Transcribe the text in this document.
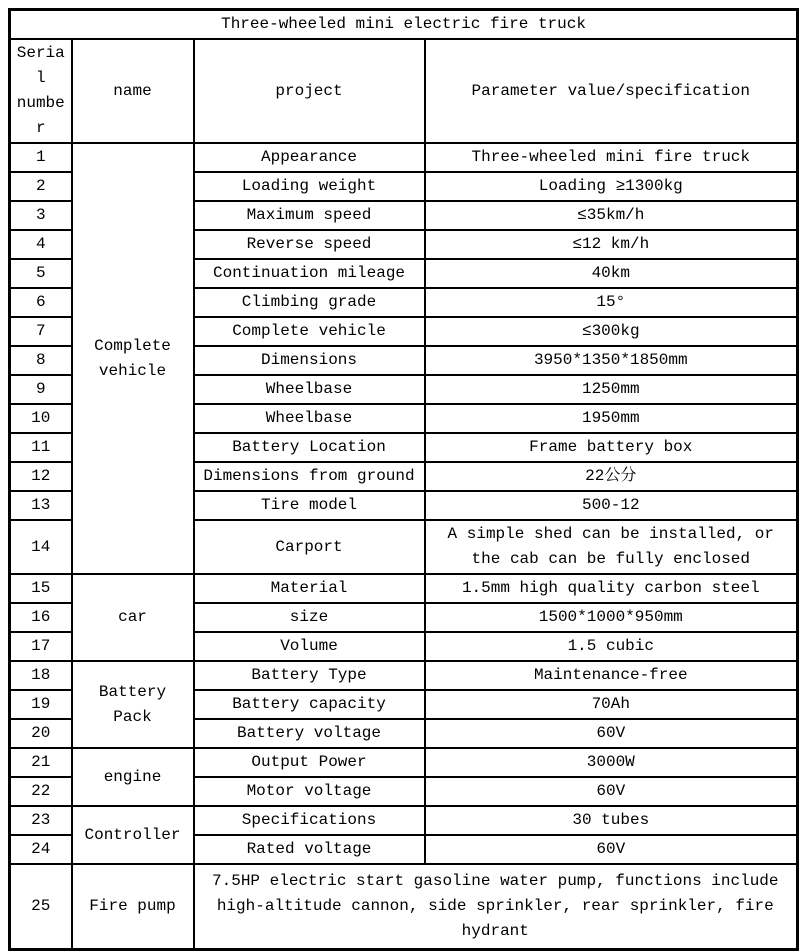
Three-wheeled mini electric fire truck			
Serial number	name	project	Parameter value/specification
1	Complete vehicle	Appearance	Three-wheeled mini fire truck
2		Loading weight	Loading ≥1300kg
3		Maximum speed	≤35km/h
4		Reverse speed	≤12 km/h
5		Continuation mileage	40km
6		Climbing grade	15°
7		Complete vehicle	≤300kg
8		Dimensions	3950*1350*1850mm
9		Wheelbase	1250mm
10		Wheelbase	1950mm
11		Battery Location	Frame battery box
12		Dimensions from ground	22公分
13		Tire model	500-12
14		Carport	A simple shed can be installed, or the cab can be fully enclosed
15	car	Material	1.5mm high quality carbon steel
16		size	1500*1000*950mm
17		Volume	1.5 cubic
18	Battery Pack	Battery Type	Maintenance-free
19		Battery capacity	70Ah
20		Battery voltage	60V
21	engine	Output Power	3000W
22		Motor voltage	60V
23	Controller	Specifications	30 tubes
24		Rated voltage	60V
25	Fire pump	7.5HP electric start gasoline water pump, functions include high-altitude cannon, side sprinkler, rear sprinkler, fire hydrant	
